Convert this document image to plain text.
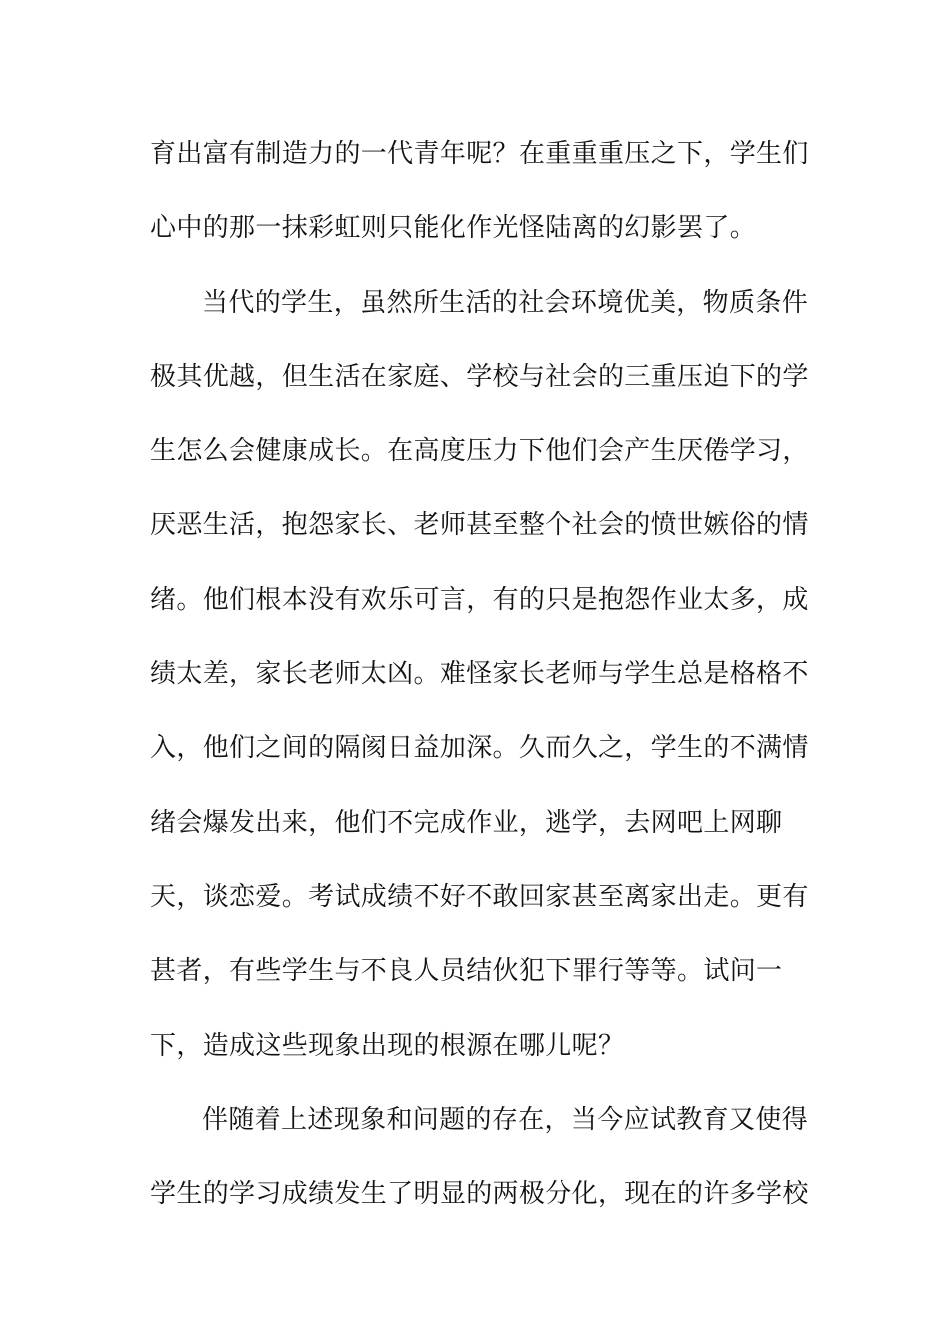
育出富有制造力的一代青年呢？在重重重压之下，学生们
心中的那一抹彩虹则只能化作光怪陆离的幻影罢了。
当代的学生，虽然所生活的社会环境优美，物质条件
极其优越，但生活在家庭、学校与社会的三重压迫下的学
生怎么会健康成长。在高度压力下他们会产生厌倦学习，
厌恶生活，抱怨家长、老师甚至整个社会的愤世嫉俗的情
绪。他们根本没有欢乐可言，有的只是抱怨作业太多，成
绩太差，家长老师太凶。难怪家长老师与学生总是格格不
入，他们之间的隔阂日益加深。久而久之，学生的不满情
绪会爆发出来，他们不完成作业，逃学，去网吧上网聊
天，谈恋爱。考试成绩不好不敢回家甚至离家出走。更有
甚者，有些学生与不良人员结伙犯下罪行等等。试问一
下，造成这些现象出现的根源在哪儿呢？
伴随着上述现象和问题的存在，当今应试教育又使得
学生的学习成绩发生了明显的两极分化，现在的许多学校
